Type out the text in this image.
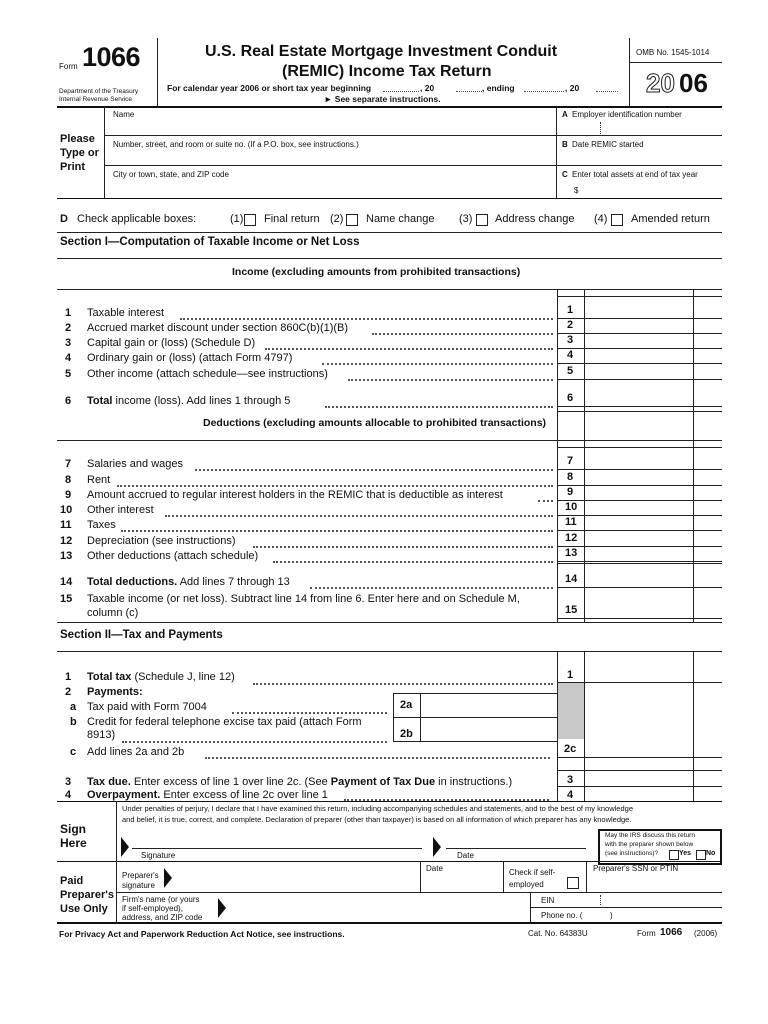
Form 1066
Department of the Treasury
Internal Revenue Service
U.S. Real Estate Mortgage Investment Conduit
(REMIC) Income Tax Return
For calendar year 2006 or short tax year beginning	, 20	, ending	, 20
► See separate instructions.
OMB No. 1545-1014
20 06
Please
Type or
Print
Name
Number, street, and room or suite no. (If a P.O. box, see instructions.)
City or town, state, and ZIP code
A Employer identification number
B Date REMIC started
C Enter total assets at end of tax year
$
D Check applicable boxes:	(1) Final return (2) Name change (3) Address change (4) Amended return
Section I—Computation of Taxable Income or Net Loss
Income (excluding amounts from prohibited transactions)
Deductions (excluding amounts allocable to prohibited transactions)
1 Taxable interest	1
2 Accrued market discount under section 860C(b)(1)(B)	2
3 Capital gain or (loss) (Schedule D)	3
4 Ordinary gain or (loss) (attach Form 4797)	4
5 Other income (attach schedule—see instructions)	5
6 Total income (loss). Add lines 1 through 5	6
7 Salaries and wages	7
8 Rent	8
9 Amount accrued to regular interest holders in the REMIC that is deductible as interest	9
10 Other interest	10
11 Taxes	11
12 Depreciation (see instructions)	12
13 Other deductions (attach schedule)	13
14 Total deductions. Add lines 7 through 13	14
15 Taxable income (or net loss). Subtract line 14 from line 6. Enter here and on Schedule M,
column (c)	15
Section II—Tax and Payments
1 Total tax (Schedule J, line 12)	1
2 Payments:
a Tax paid with Form 7004	2a
b Credit for federal telephone excise tax paid (attach Form
8913)	2b
c Add lines 2a and 2b	2c
3 Tax due. Enter excess of line 1 over line 2c. (See Payment of Tax Due in instructions.)	3
4 Overpayment. Enter excess of line 2c over line 1	4
Sign
Here
Under penalties of perjury, I declare that I have examined this return, including accompanying schedules and statements, and to the best of my knowledge
and belief, it is true, correct, and complete. Declaration of preparer (other than taxpayer) is based on all information of which preparer has any knowledge.
Signature	Date
May the IRS discuss this return
with the preparer shown below
(see instructions)?	Yes No
Paid
Preparer's
Use Only
Preparer's
signature
Date	Check if self-
employed
Preparer's SSN or PTIN
Firm's name (or yours
if self-employed),
address, and ZIP code
EIN
Phone no. (	)
For Privacy Act and Paperwork Reduction Act Notice, see instructions.	Cat. No. 64383U	Form 1066 (2006)
